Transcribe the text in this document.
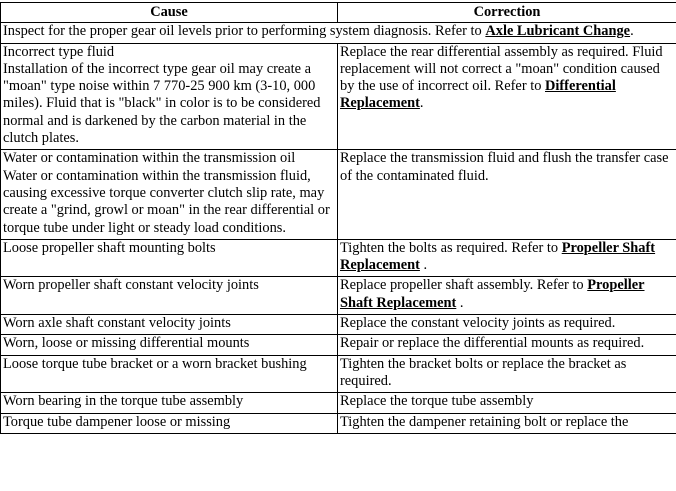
Cause	Correction
Inspect for the proper gear oil levels prior to performing system diagnosis. Refer to Axle Lubricant Change.	

Incorrect type fluid
Installation of the incorrect type gear oil may create a "moan" type noise within 7 770-25 900 km (3-10, 000 miles). Fluid that is "black" in color is to be considered normal and is darkened by the carbon material in the clutch plates.	Replace the rear differential assembly as required. Fluid replacement will not correct a "moan" condition caused by the use of incorrect oil. Refer to Differential Replacement.

Water or contamination within the transmission oil
Water or contamination within the transmission fluid, causing excessive torque converter clutch slip rate, may create a "grind, growl or moan" in the rear differential or torque tube under light or steady load conditions.	Replace the transmission fluid and flush the transfer case of the contaminated fluid.
Loose propeller shaft mounting bolts	Tighten the bolts as required. Refer to Propeller Shaft Replacement .
Worn propeller shaft constant velocity joints	Replace propeller shaft assembly. Refer to Propeller Shaft Replacement .
Worn axle shaft constant velocity joints	Replace the constant velocity joints as required.
Worn, loose or missing differential mounts	Repair or replace the differential mounts as required.
Loose torque tube bracket or a worn bracket bushing	Tighten the bracket bolts or replace the bracket as required.
Worn bearing in the torque tube assembly	Replace the torque tube assembly
Torque tube dampener loose or missing	Tighten the dampener retaining bolt or replace the
